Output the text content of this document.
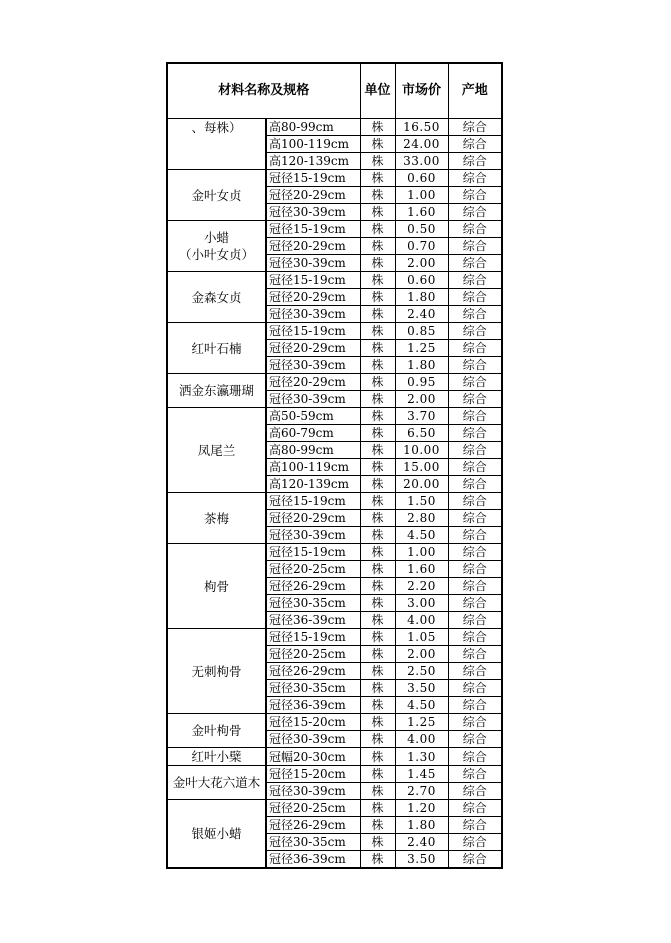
材料名称及规格		单位	市场价	产地

、每株）	高80-99cm	株	16.50	综合
	高100-119cm	株	24.00	综合
	高120-139cm	株	33.00	综合

金叶女贞	冠径15-19cm	株	0.60	综合
	冠径20-29cm	株	1.00	综合
	冠径30-39cm	株	1.60	综合

小蜡
（小叶女贞）	冠径15-19cm	株	0.50	综合
	冠径20-29cm	株	0.70	综合
	冠径30-39cm	株	2.00	综合

金森女贞	冠径15-19cm	株	0.60	综合
	冠径20-29cm	株	1.80	综合
	冠径30-39cm	株	2.40	综合

红叶石楠	冠径15-19cm	株	0.85	综合
	冠径20-29cm	株	1.25	综合
	冠径30-39cm	株	1.80	综合

洒金东瀛珊瑚	冠径20-29cm	株	0.95	综合
	冠径30-39cm	株	2.00	综合

凤尾兰	高50-59cm	株	3.70	综合
	高60-79cm	株	6.50	综合
	高80-99cm	株	10.00	综合
	高100-119cm	株	15.00	综合
	高120-139cm	株	20.00	综合

茶梅	冠径15-19cm	株	1.50	综合
	冠径20-29cm	株	2.80	综合
	冠径30-39cm	株	4.50	综合

枸骨	冠径15-19cm	株	1.00	综合
	冠径20-25cm	株	1.60	综合
	冠径26-29cm	株	2.20	综合
	冠径30-35cm	株	3.00	综合
	冠径36-39cm	株	4.00	综合

无刺枸骨	冠径15-19cm	株	1.05	综合
	冠径20-25cm	株	2.00	综合
	冠径26-29cm	株	2.50	综合
	冠径30-35cm	株	3.50	综合
	冠径36-39cm	株	4.50	综合

金叶枸骨	冠径15-20cm	株	1.25	综合
	冠径30-39cm	株	4.00	综合

红叶小檗	冠幅20-30cm	株	1.30	综合

金叶大花六道木	冠径15-20cm	株	1.45	综合
	冠径30-39cm	株	2.70	综合

银姬小蜡	冠径20-25cm	株	1.20	综合
	冠径26-29cm	株	1.80	综合
	冠径30-35cm	株	2.40	综合
	冠径36-39cm	株	3.50	综合
